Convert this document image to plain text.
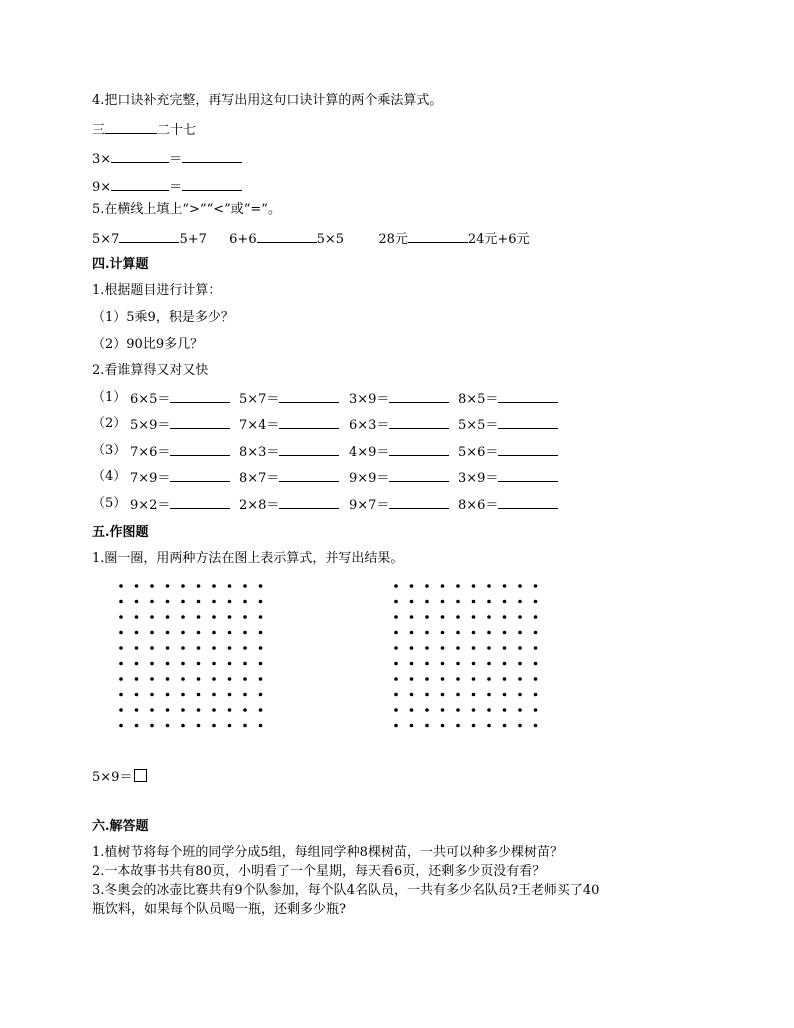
4.把口诀补充完整，再写出用这句口诀计算的两个乘法算式。
三	二十七
3×	＝
9×	＝
5.在横线上填上“>”“<”或“=”。
5×7	5+7 6+6	5×5	28元	24元+6元
四.计算题
1.根据题目进行计算：
（1）5乘9，积是多少？
（2）90比9多几？
2.看谁算得又对又快
（1） 6×5＝	5×7＝	3×9＝	8×5＝
（2） 5×9＝	7×4＝	6×3＝	5×5＝
（3） 7×6＝	8×3＝	4×9＝	5×6＝
（4） 7×9＝	8×7＝	9×9＝	3×9＝
（5） 9×2＝	2×8＝	9×7＝	8×6＝
五.作图题
1.圈一圈，用两种方法在图上表示算式，并写出结果。
5×9＝
六.解答题
1.植树节将每个班的同学分成5组，每组同学种8棵树苗，一共可以种多少棵树苗？
2.一本故事书共有80页，小明看了一个星期，每天看6页，还剩多少页没有看？
3.冬奥会的冰壶比赛共有9个队参加，每个队4名队员，一共有多少名队员?王老师买了40
瓶饮料，如果每个队员喝一瓶，还剩多少瓶?
